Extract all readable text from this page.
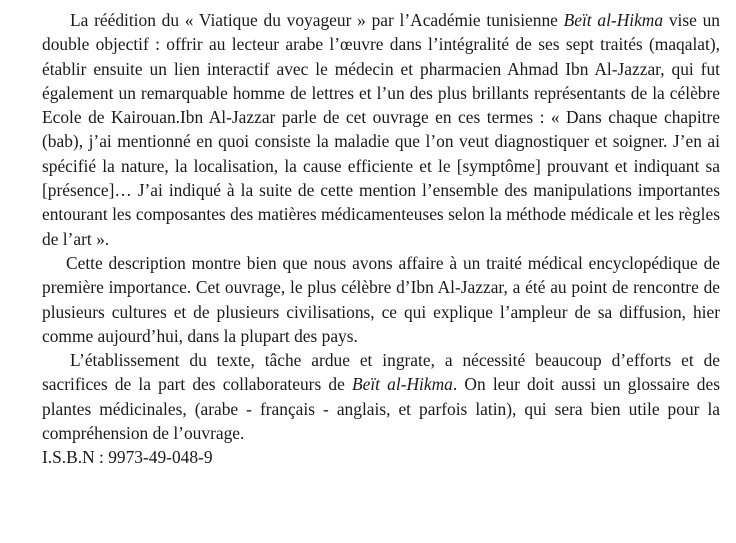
La réédition du « Viatique du voyageur » par l’Académie tunisienne Beït al-Hikma vise un double objectif : offrir au lecteur arabe l’œuvre dans l’intégralité de ses sept traités (maqalat), établir ensuite un lien interactif avec le médecin et pharmacien Ahmad Ibn Al-Jazzar, qui fut également un remarquable homme de lettres et l’un des plus brillants représentants de la célèbre Ecole de Kairouan.Ibn Al-Jazzar parle de cet ouvrage en ces termes : « Dans chaque chapitre (bab), j’ai mentionné en quoi consiste la maladie que l’on veut diagnostiquer et soigner. J’en ai spécifié la nature, la localisation, la cause efficiente et le [symptôme] prouvant et indiquant sa [présence]… J’ai indiqué à la suite de cette mention l’ensemble des manipulations importantes entourant les composantes des matières médicamenteuses selon la méthode médicale et les règles de l’art ».

Cette description montre bien que nous avons affaire à un traité médical encyclopédique de première importance. Cet ouvrage, le plus célèbre d’Ibn Al-Jazzar, a été au point de rencontre de plusieurs cultures et de plusieurs civilisations, ce qui explique l’ampleur de sa diffusion, hier comme aujourd’hui, dans la plupart des pays.

L’établissement du texte, tâche ardue et ingrate, a nécessité beaucoup d’efforts et de sacrifices de la part des collaborateurs de Beït al-Hikma. On leur doit aussi un glossaire des plantes médicinales, (arabe - français - anglais, et parfois latin), qui sera bien utile pour la compréhension de l’ouvrage.

I.S.B.N : 9973-49-048-9
